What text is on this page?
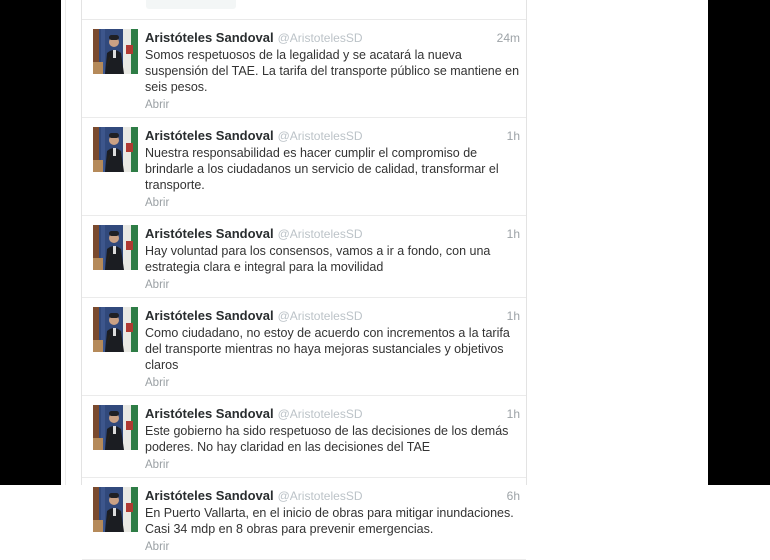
Aristóteles Sandoval @AristotelesSD	24m
Somos respetuosos de la legalidad y se acatará la nueva suspensión del TAE. La tarifa del transporte público se mantiene en seis pesos.
Abrir
Aristóteles Sandoval @AristotelesSD	1h
Nuestra responsabilidad es hacer cumplir el compromiso de brindarle a los ciudadanos un servicio de calidad, transformar el transporte.
Abrir
Aristóteles Sandoval @AristotelesSD	1h
Hay voluntad para los consensos, vamos a ir a fondo, con una estrategia clara e integral para la movilidad
Abrir
Aristóteles Sandoval @AristotelesSD	1h
Como ciudadano, no estoy de acuerdo con incrementos a la tarifa del transporte mientras no haya mejoras sustanciales y objetivos claros
Abrir
Aristóteles Sandoval @AristotelesSD	1h
Este gobierno ha sido respetuoso de las decisiones de los demás poderes. No hay claridad en las decisiones del TAE
Abrir
Aristóteles Sandoval @AristotelesSD	6h
En Puerto Vallarta, en el inicio de obras para mitigar inundaciones. Casi 34 mdp en 8 obras para prevenir emergencias.
Abrir
